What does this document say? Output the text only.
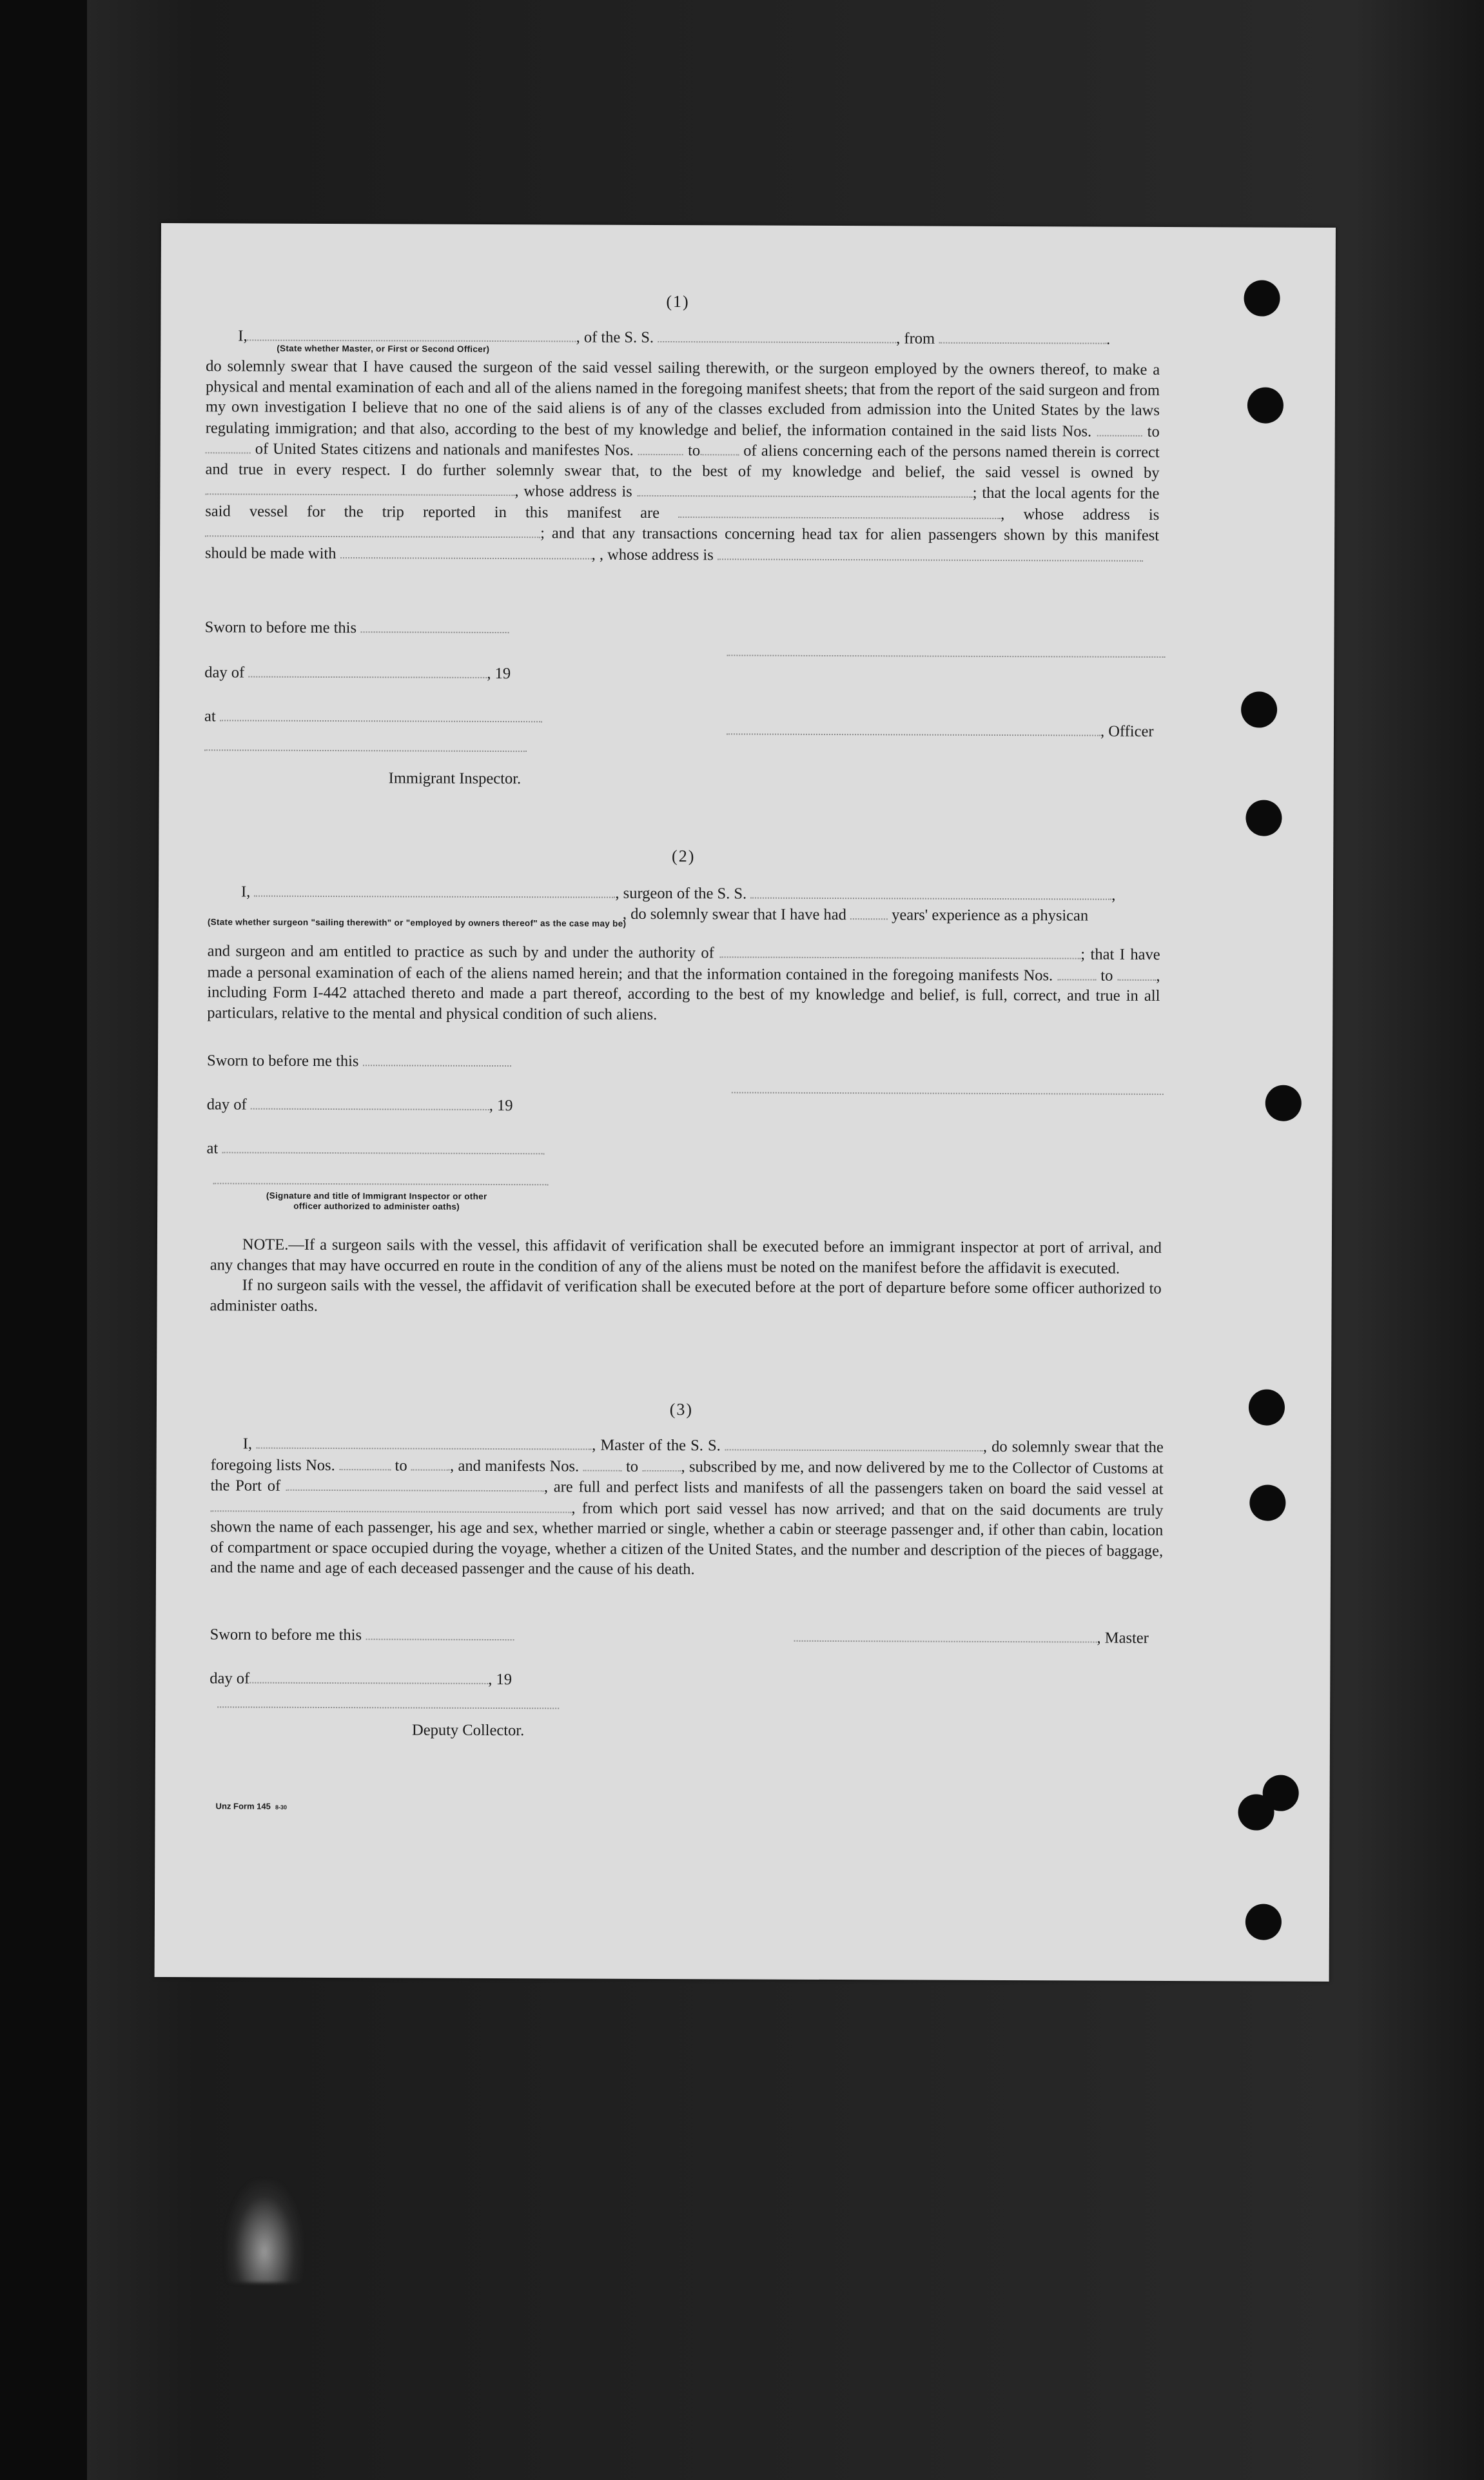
(1)
I,	, of the S. S.	, from	.
(State whether Master, or First or Second Officer)

do solemnly swear that I have caused the surgeon of the said vessel sailing therewith, or the surgeon employed by the owners thereof, to make a physical and mental examination of each and all of the aliens named in the foregoing manifest sheets; that from the report of the said surgeon and from my own investigation I believe that no one of the said aliens is of any of the classes excluded from admission into the United States by the laws regulating immigration; and that also, according to the best of my knowledge and belief, the information contained in the said lists Nos.	to  of United States citizens and nationals and manifestes Nos.	to	of aliens concerning each of the persons named therein is correct and true in every respect. I do further solemnly swear that, to the best of my knowledge and belief, the said vessel is owned by , whose address is	; that the local agents for the said vessel for the trip reported in this manifest are	, whose address is ; and that any transactions concerning head tax for alien passengers shown by this manifest should be made with	, , whose address is

Sworn to before me this
day of	, 19
at
, Officer
Immigrant Inspector.
(2)
I,	, surgeon of the S. S.	,
, do solemnly swear that I have had	years' experience as a physican
(State whether surgeon "sailing therewith" or "employed by owners thereof" as the case may be)

and surgeon and am entitled to practice as such by and under the authority of	; that I have made a personal examination of each of the aliens named herein; and that the information contained in the foregoing manifests Nos.	to	, including Form I-442 attached thereto and made a part thereof, according to the best of my knowledge and belief, is full, correct, and true in all particulars, relative to the mental and physical condition of such aliens.

Sworn to before me this
day of	, 19
at
(Signature and title of Immigrant Inspector or other
officer authorized to administer oaths)

NOTE.—If a surgeon sails with the vessel, this affidavit of verification shall be executed before an immigrant inspector at port of arrival, and any changes that may have occurred en route in the condition of any of the aliens must be noted on the manifest before the affidavit is executed.

If no surgeon sails with the vessel, the affidavit of verification shall be executed before at the port of departure before some officer authorized to administer oaths.

(3)

I,	, Master of the S. S.	, do solemnly swear that the foregoing lists Nos.	to	, and manifests Nos.	to	, subscribed by me, and now delivered by me to the Collector of Customs at the Port of	, are full and perfect lists and manifests of all the passengers taken on board the said vessel at , from which port said vessel has now arrived; and that on the said documents are truly shown the name of each passenger, his age and sex, whether married or single, whether a cabin or steerage passenger and, if other than cabin, location of compartment or space occupied during the voyage, whether a citizen of the United States, and the number and description of the pieces of baggage, and the name and age of each deceased passenger and the cause of his death.

Sworn to before me this	, Master
day of	, 19
Deputy Collector.
Unz Form 145 8-30
